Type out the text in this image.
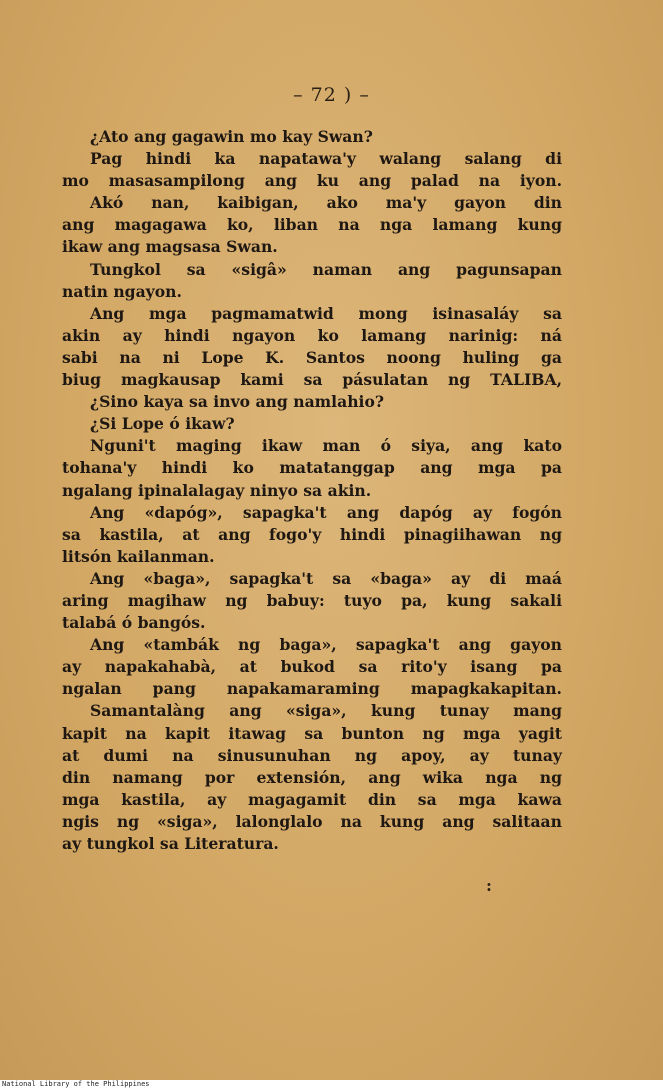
– 72 ) –
¿Ato ang gagawin mo kay Swan?
Pag hindi ka napatawa'y walang salang di
mo masasampilong ang ku ang palad na iyon.
Akó nan, kaibigan, ako ma'y gayon din
ang magagawa ko, liban na nga lamang kung
ikaw ang magsasa Swan.
Tungkol sa «sigâ» naman ang pagunsapan
natin ngayon.
Ang mga pagmamatwid mong isinasaláy sa
akin ay hindi ngayon ko lamang narinig: ná
sabi na ni Lope K. Santos noong huling ga
biug magkausap kami sa pásulatan ng TALIBA,
¿Sino kaya sa invo ang namlahio?
¿Si Lope ó ikaw?
Nguni't maging ikaw man ó siya, ang kato
tohana'y hindi ko matatanggap ang mga pa
ngalang ipinalalagay ninyo sa akin.
Ang «dapóg», sapagka't ang dapóg ay fogón
sa kastila, at ang fogo'y hindi pinagiihawan ng
litsón kailanman.
Ang «baga», sapagka't sa «baga» ay di maá
aring magihaw ng babuy: tuyo pa, kung sakali
talabá ó bangós.
Ang «tambák ng baga», sapagka't ang gayon
ay napakahabà, at bukod sa rito'y isang pa
ngalan pang napakamaraming mapagkakapitan.
Samantalàng ang «siga», kung tunay mang
kapit na kapit itawag sa bunton ng mga yagit
at dumi na sinusunuhan ng apoy, ay tunay
din namang por extensión, ang wika nga ng
mga kastila, ay magagamit din sa mga kawa
ngis ng «siga», lalonglalo na kung ang salitaan
ay tungkol sa Literatura.
:
National Library of the Philippines
